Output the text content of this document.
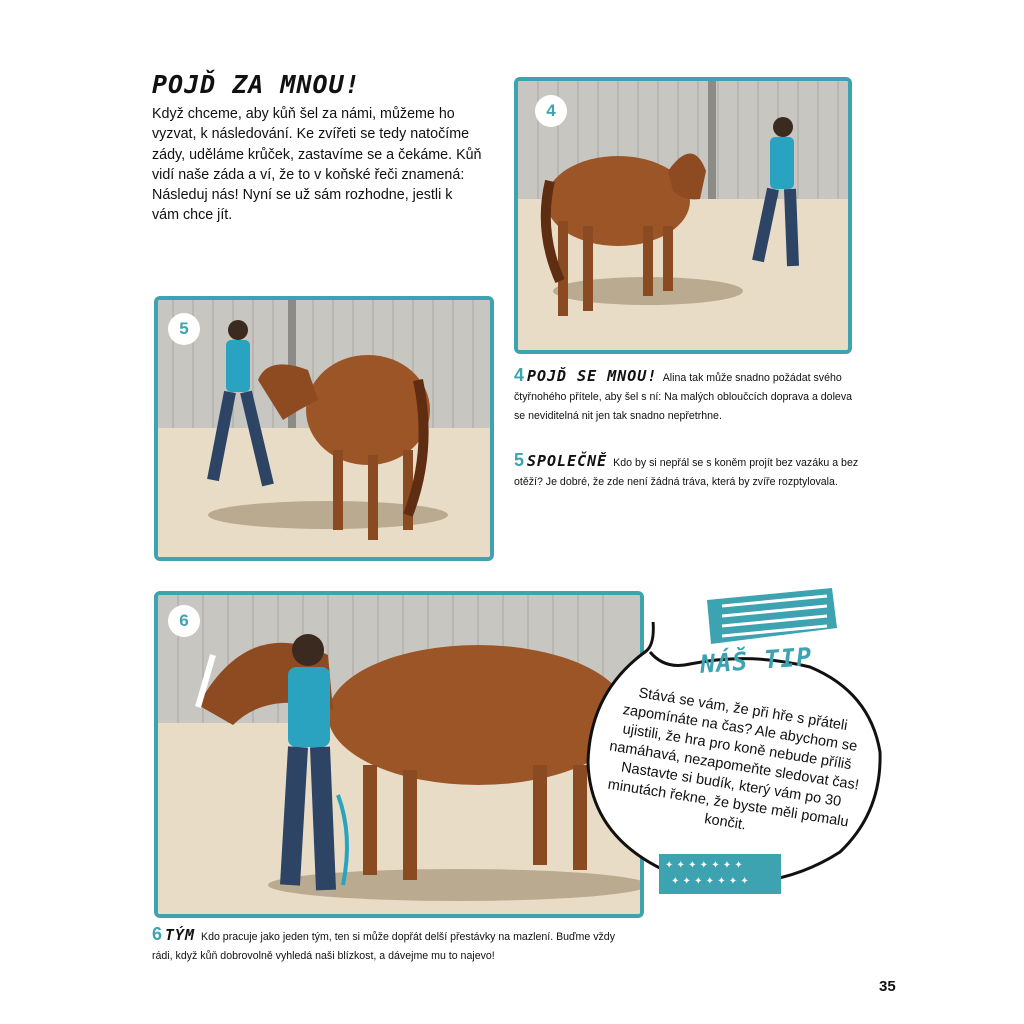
POJĎ ZA MNOU!
Když chceme, aby kůň šel za námi, můžeme ho vyzvat, k následování. Ke zvířeti se tedy natočíme zády, uděláme krůček, zastavíme se a čekáme. Kůň vidí naše záda a ví, že to v koňské řeči znamená: Následuj nás! Nyní se už sám rozhodne, jestli k vám chce jít.
4
5
4 POJĎ SE MNOU! Alina tak může snadno požádat svého čtyřnohého přítele, aby šel s ní: Na malých obloučcích doprava a doleva se neviditelná nit jen tak snadno nepřetrhne.
5 SPOLEČNĚ Kdo by si nepřál se s koněm projít bez vazáku a bez otěží? Je dobré, že zde není žádná tráva, která by zvíře rozptylovala.
6
6 TÝM Kdo pracuje jako jeden tým, ten si může dopřát delší přestávky na mazlení. Buďme vždy rádi, když kůň dobrovolně vyhledá naši blízkost, a dávejme mu to najevo!
✦ ✦ ✦ ✦ ✦ ✦ ✦
✦ ✦ ✦ ✦ ✦ ✦ ✦
NÁŠ TIP
Stává se vám, že při hře s přáteli zapomínáte na čas? Ale abychom se ujistili, že hra pro koně nebude příliš namáhavá, nezapomeňte sledovat čas! Nastavte si budík, který vám po 30 minutách řekne, že byste měli pomalu končit.
35
